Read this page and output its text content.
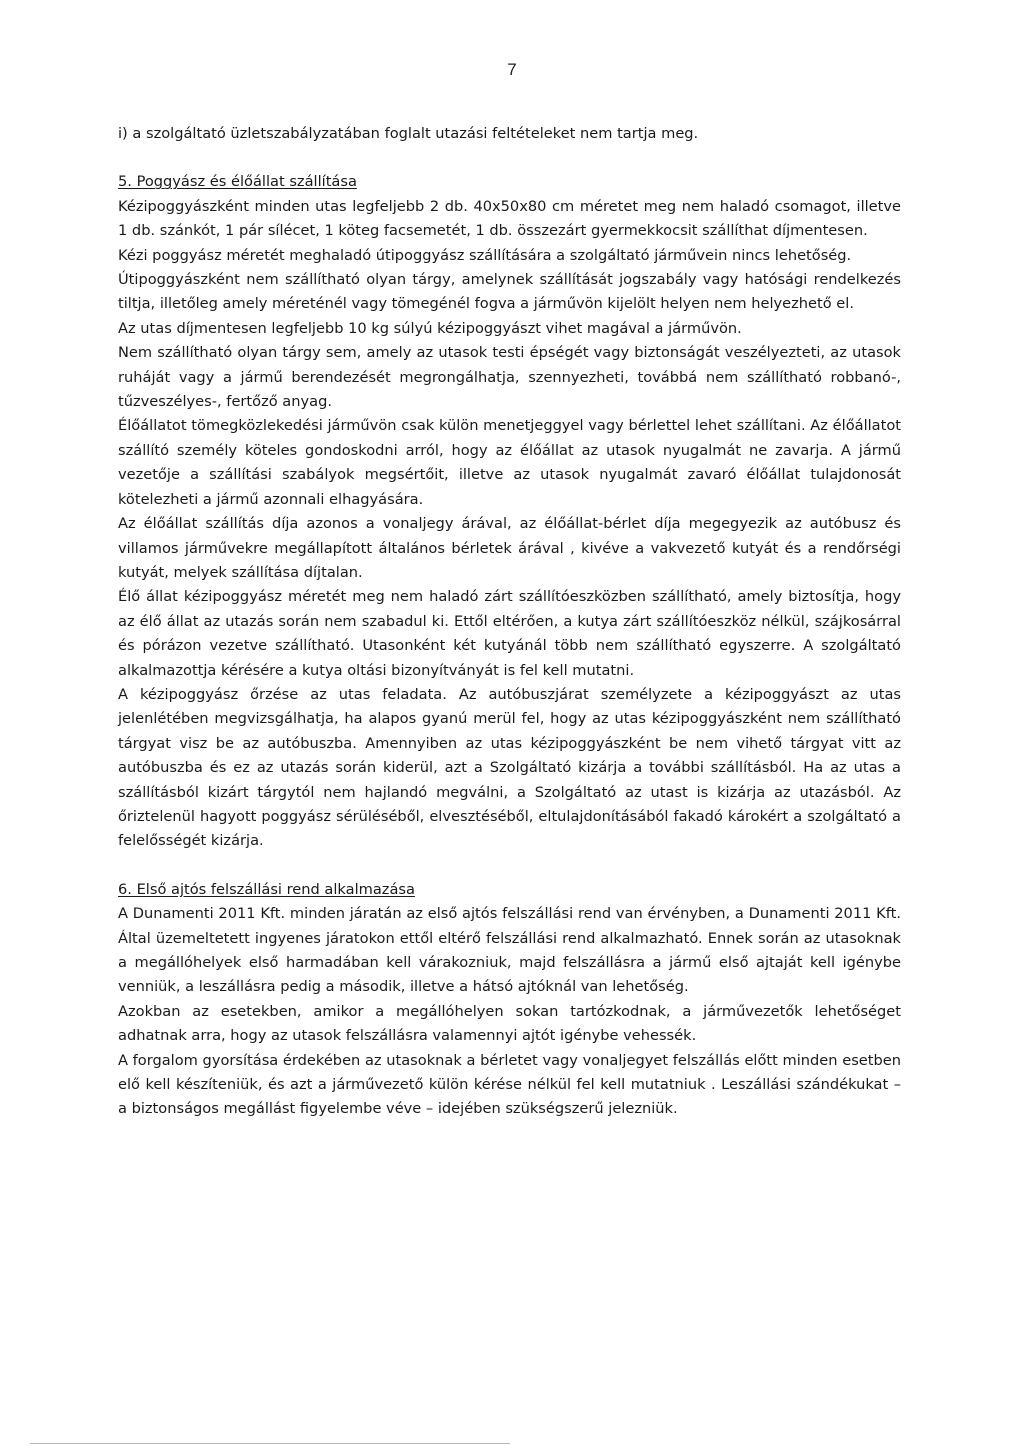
7

i) a szolgáltató üzletszabályzatában foglalt utazási feltételeket nem tartja meg.

5. Poggyász és élőállat szállítása

Kézipoggyászként minden utas legfeljebb 2 db. 40x50x80 cm méretet meg nem haladó csomagot, illetve 1 db. szánkót, 1 pár sílécet, 1 köteg facsemetét, 1 db. összezárt gyermekkocsit szállíthat díjmentesen.

Kézi poggyász méretét meghaladó útipoggyász szállítására a szolgáltató járművein nincs lehetőség.

Útipoggyászként nem szállítható olyan tárgy, amelynek szállítását jogszabály vagy hatósági rendelkezés tiltja, illetőleg amely méreténél vagy tömegénél fogva a járművön kijelölt helyen nem helyezhető el.

Az utas díjmentesen legfeljebb 10 kg súlyú kézipoggyászt vihet magával a járművön.

Nem szállítható olyan tárgy sem, amely az utasok testi épségét vagy biztonságát veszélyezteti, az utasok ruháját vagy a jármű berendezését megrongálhatja, szennyezheti, továbbá nem szállítható robbanó-, tűzveszélyes-, fertőző anyag.

Élőállatot tömegközlekedési járművön csak külön menetjeggyel vagy bérlettel lehet szállítani. Az élőállatot szállító személy köteles gondoskodni arról, hogy az élőállat az utasok nyugalmát ne zavarja. A jármű vezetője a szállítási szabályok megsértőit, illetve az utasok nyugalmát zavaró élőállat tulajdonosát kötelezheti a jármű azonnali elhagyására.

Az élőállat szállítás díja azonos a vonaljegy árával, az élőállat-bérlet díja megegyezik az autóbusz és villamos járművekre megállapított általános bérletek árával , kivéve a vakvezető kutyát és a rendőrségi kutyát, melyek szállítása díjtalan.

Élő állat kézipoggyász méretét meg nem haladó zárt szállítóeszközben szállítható, amely biztosítja, hogy az élő állat az utazás során nem szabadul ki. Ettől eltérően, a kutya zárt szállítóeszköz nélkül, szájkosárral és pórázon vezetve szállítható. Utasonként két kutyánál több nem szállítható egyszerre. A szolgáltató alkalmazottja kérésére a kutya oltási bizonyítványát is fel kell mutatni.

A kézipoggyász őrzése az utas feladata. Az autóbuszjárat személyzete a kézipoggyászt az utas jelenlétében megvizsgálhatja, ha alapos gyanú merül fel, hogy az utas kézipoggyászként nem szállítható tárgyat visz be az autóbuszba. Amennyiben az utas kézipoggyászként be nem vihető tárgyat vitt az autóbuszba és ez az utazás során kiderül, azt a Szolgáltató kizárja a további szállításból. Ha az utas a szállításból kizárt tárgytól nem hajlandó megválni, a Szolgáltató az utast is kizárja az utazásból. Az őriztelenül hagyott poggyász sérüléséből, elvesztéséből, eltulajdonításából fakadó károkért a szolgáltató a felelősségét kizárja.

6. Első ajtós felszállási rend alkalmazása

A Dunamenti 2011 Kft. minden járatán az első ajtós felszállási rend van érvényben, a Dunamenti 2011 Kft. Által üzemeltetett ingyenes járatokon ettől eltérő felszállási rend alkalmazható. Ennek során az utasoknak a megállóhelyek első harmadában kell várakozniuk, majd felszállásra a jármű első ajtaját kell igénybe venniük, a leszállásra pedig a második, illetve a hátsó ajtóknál van lehetőség.

Azokban az esetekben, amikor a megállóhelyen sokan tartózkodnak, a járművezetők lehetőséget adhatnak arra, hogy az utasok felszállásra valamennyi ajtót igénybe vehessék.

A forgalom gyorsítása érdekében az utasoknak a bérletet vagy vonaljegyet felszállás előtt minden esetben elő kell készíteniük, és azt a járművezető külön kérése nélkül fel kell mutatniuk . Leszállási szándékukat – a biztonságos megállást figyelembe véve – idejében szükségszerű jelezniük.
